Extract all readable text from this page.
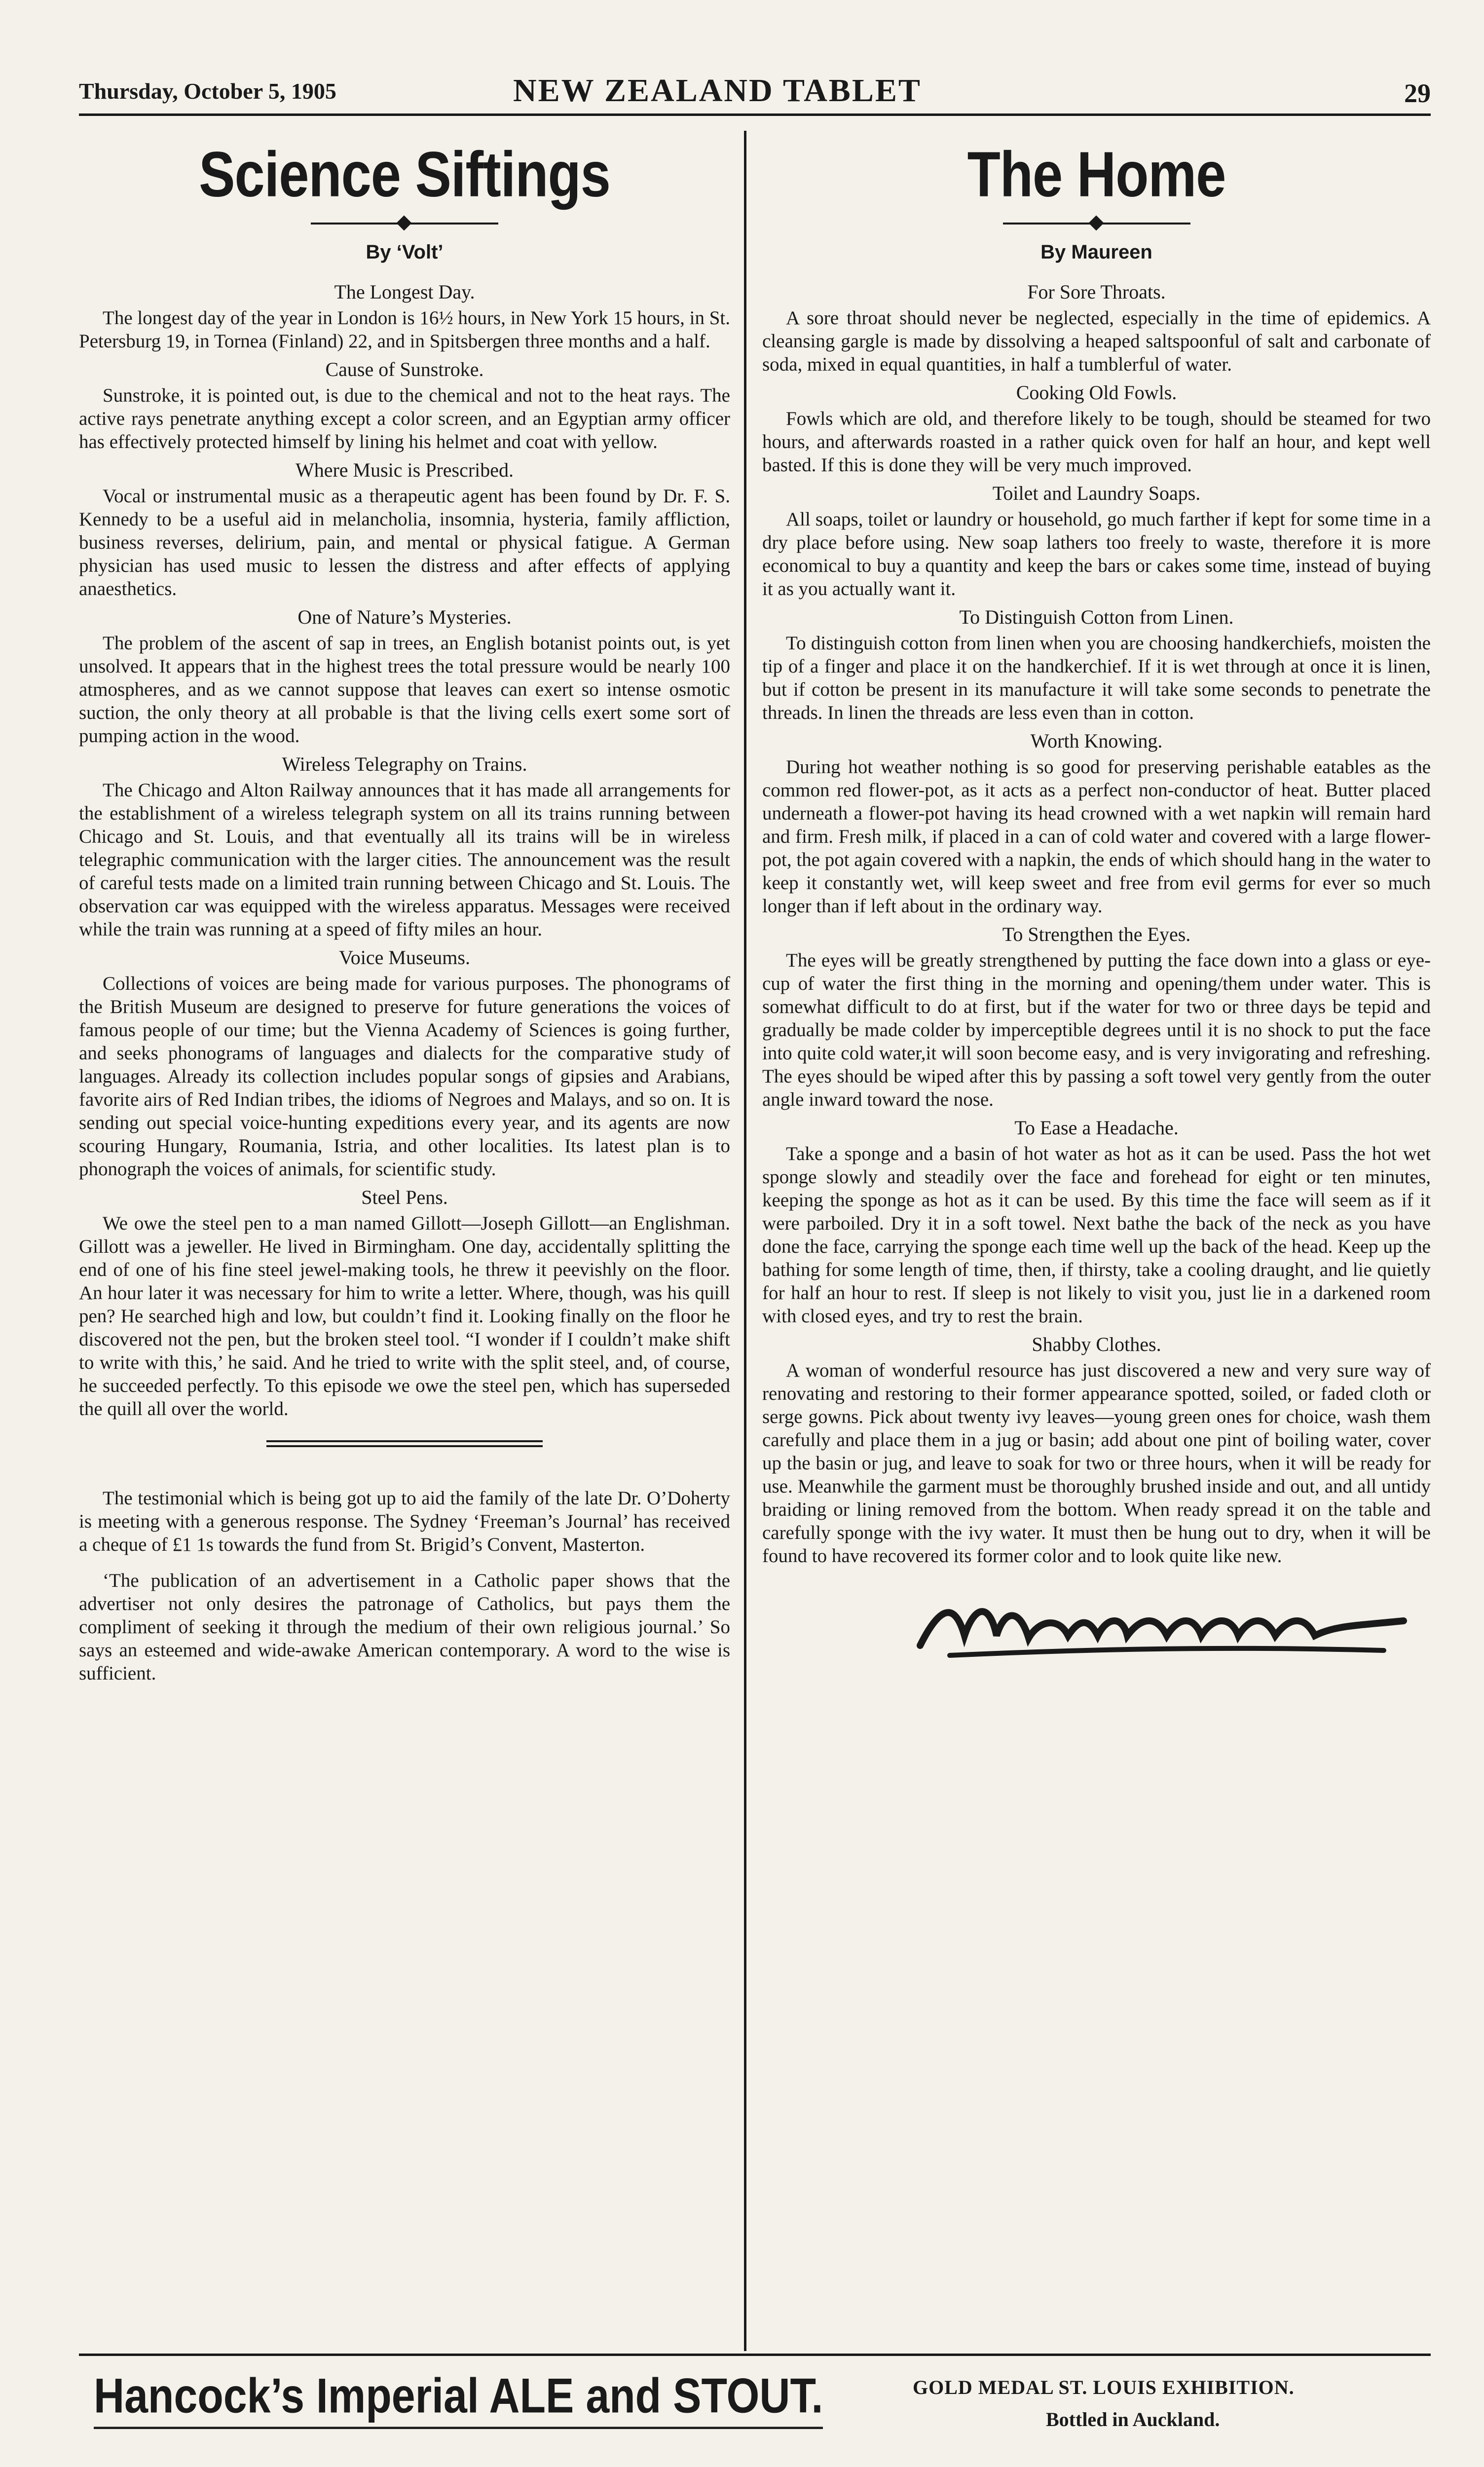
Thursday, October 5, 1905	NEW ZEALAND TABLET	29
Science Siftings
By ‘Volt’
The Longest Day.

The longest day of the year in London is 16½ hours, in New York 15 hours, in St. Petersburg 19, in Tornea (Finland) 22, and in Spitsbergen three months and a half.

Cause of Sunstroke.

Sunstroke, it is pointed out, is due to the chemical and not to the heat rays. The active rays penetrate anything except a color screen, and an Egyptian army officer has effectively protected himself by lining his helmet and coat with yellow.

Where Music is Prescribed.

Vocal or instrumental music as a therapeutic agent has been found by Dr. F. S. Kennedy to be a useful aid in melancholia, insomnia, hysteria, family affliction, business reverses, delirium, pain, and mental or physical fatigue. A German physician has used music to lessen the distress and after effects of applying anaesthetics.

One of Nature’s Mysteries.

The problem of the ascent of sap in trees, an English botanist points out, is yet unsolved. It appears that in the highest trees the total pressure would be nearly 100 atmospheres, and as we cannot suppose that leaves can exert so intense osmotic suction, the only theory at all probable is that the living cells exert some sort of pumping action in the wood.

Wireless Telegraphy on Trains.

The Chicago and Alton Railway announces that it has made all arrangements for the establishment of a wireless telegraph system on all its trains running between Chicago and St. Louis, and that eventually all its trains will be in wireless telegraphic communication with the larger cities. The announcement was the result of careful tests made on a limited train running between Chicago and St. Louis. The observation car was equipped with the wireless apparatus. Messages were received while the train was running at a speed of fifty miles an hour.

Voice Museums.

Collections of voices are being made for various purposes. The phonograms of the British Museum are designed to preserve for future generations the voices of famous people of our time; but the Vienna Academy of Sciences is going further, and seeks phonograms of languages and dialects for the comparative study of languages. Already its collection includes popular songs of gipsies and Arabians, favorite airs of Red Indian tribes, the idioms of Negroes and Malays, and so on. It is sending out special voice-hunting expeditions every year, and its agents are now scouring Hungary, Roumania, Istria, and other localities. Its latest plan is to phonograph the voices of animals, for scientific study.

Steel Pens.

We owe the steel pen to a man named Gillott—Joseph Gillott—an Englishman. Gillott was a jeweller. He lived in Birmingham. One day, accidentally splitting the end of one of his fine steel jewel-making tools, he threw it peevishly on the floor. An hour later it was necessary for him to write a letter. Where, though, was his quill pen? He searched high and low, but couldn’t find it. Looking finally on the floor he discovered not the pen, but the broken steel tool. “I wonder if I couldn’t make shift to write with this,’ he said. And he tried to write with the split steel, and, of course, he succeeded perfectly. To this episode we owe the steel pen, which has superseded the quill all over the world.

The testimonial which is being got up to aid the family of the late Dr. O’Doherty is meeting with a generous response. The Sydney ‘Freeman’s Journal’ has received a cheque of £1 1s towards the fund from St. Brigid’s Convent, Masterton.

‘The publication of an advertisement in a Catholic paper shows that the advertiser not only desires the patronage of Catholics, but pays them the compliment of seeking it through the medium of their own religious journal.’ So says an esteemed and wide-awake American contemporary. A word to the wise is sufficient.

The Home
By Maureen
For Sore Throats.

A sore throat should never be neglected, especially in the time of epidemics. A cleansing gargle is made by dissolving a heaped saltspoonful of salt and carbonate of soda, mixed in equal quantities, in half a tumblerful of water.

Cooking Old Fowls.

Fowls which are old, and therefore likely to be tough, should be steamed for two hours, and afterwards roasted in a rather quick oven for half an hour, and kept well basted. If this is done they will be very much improved.

Toilet and Laundry Soaps.

All soaps, toilet or laundry or household, go much farther if kept for some time in a dry place before using. New soap lathers too freely to waste, therefore it is more economical to buy a quantity and keep the bars or cakes some time, instead of buying it as you actually want it.

To Distinguish Cotton from Linen.

To distinguish cotton from linen when you are choosing handkerchiefs, moisten the tip of a finger and place it on the handkerchief. If it is wet through at once it is linen, but if cotton be present in its manufacture it will take some seconds to penetrate the threads. In linen the threads are less even than in cotton.

Worth Knowing.

During hot weather nothing is so good for preserving perishable eatables as the common red flower-pot, as it acts as a perfect non-conductor of heat. Butter placed underneath a flower-pot having its head crowned with a wet napkin will remain hard and firm. Fresh milk, if placed in a can of cold water and covered with a large flower-pot, the pot again covered with a napkin, the ends of which should hang in the water to keep it constantly wet, will keep sweet and free from evil germs for ever so much longer than if left about in the ordinary way.

To Strengthen the Eyes.

The eyes will be greatly strengthened by putting the face down into a glass or eye-cup of water the first thing in the morning and opening/them under water. This is somewhat difficult to do at first, but if the water for two or three days be tepid and gradually be made colder by imperceptible degrees until it is no shock to put the face into quite cold water,it will soon become easy, and is very invigorating and refreshing. The eyes should be wiped after this by passing a soft towel very gently from the outer angle inward toward the nose.

To Ease a Headache.

Take a sponge and a basin of hot water as hot as it can be used. Pass the hot wet sponge slowly and steadily over the face and forehead for eight or ten minutes, keeping the sponge as hot as it can be used. By this time the face will seem as if it were parboiled. Dry it in a soft towel. Next bathe the back of the neck as you have done the face, carrying the sponge each time well up the back of the head. Keep up the bathing for some length of time, then, if thirsty, take a cooling draught, and lie quietly for half an hour to rest. If sleep is not likely to visit you, just lie in a darkened room with closed eyes, and try to rest the brain.

Shabby Clothes.

A woman of wonderful resource has just discovered a new and very sure way of renovating and restoring to their former appearance spotted, soiled, or faded cloth or serge gowns. Pick about twenty ivy leaves—young green ones for choice, wash them carefully and place them in a jug or basin; add about one pint of boiling water, cover up the basin or jug, and leave to soak for two or three hours, when it will be ready for use. Meanwhile the garment must be thoroughly brushed inside and out, and all untidy braiding or lining removed from the bottom. When ready spread it on the table and carefully sponge with the ivy water. It must then be hung out to dry, when it will be found to have recovered its former color and to look quite like new.

Hancock’s Imperial ALE and STOUT.	GOLD MEDAL ST. LOUIS EXHIBITION.
Bottled in Auckland.
